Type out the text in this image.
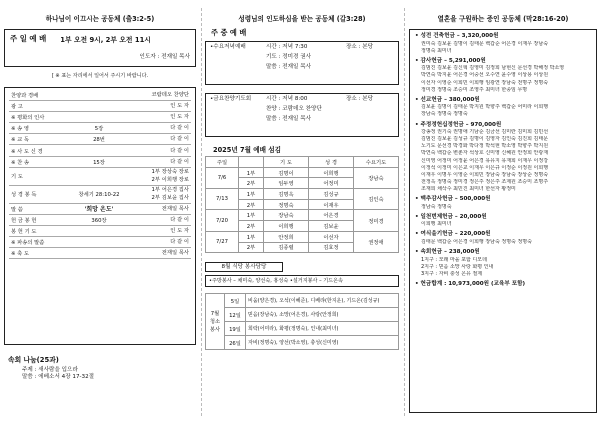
하나님이 이끄시는 공동체 (출3:2-5)
주 일 예 배 1부 오전 9시, 2부 오전 11시
인도자 : 전재일 목사
[ ※ 표는 자리에서 일어서 주시기 바랍니다.
찬양과 경배		코람데오 찬양단

광 고		인 도 자

※ 평화의 인사		인 도 자

※ 송 영	5장	다 같 이

※ 교 독	28번	다 같 이

※ 사 도 신 경		다 같 이

※ 찬 송	15장	다 같 이

기 도		1부 장상숙 장로
2부 이희행 장로

성 경 봉 독	창세기 28:10-22	1부 어은경 집사
2부 김보윤 집사

말 씀	'희망 온도'	전재일 목사

헌 금 봉 헌	360장	다 같 이

봉 헌 기 도		인 도 자

※ 파송의 말씀		다 같 이

※ 축 도		전재일 목사
속회 나눔(25과)
주제 : 새사람을 입으라
말씀 : 에베소서 4장 17-32절
성령님의 인도하심을 받는 공동체 (갈3:28)
주 중 예 배
•수요저녁예배	시간 : 저녁 7:30	장소 : 본당
기도 : 정미경 권사
말씀 : 전재일 목사
•금요찬양기도회	시간 : 저녁 8:00	장소 : 본당
찬양 : 코람데오 찬양단
말씀 : 전재일 목사
2025년 7월 예배 섬김
주일		기 도	성 경	수요기도
7/6	1부	김명이	이희행	장남숙
	2부	임두영	어정미	
7/13	1부	김명옥	김성규	김인숙
	2부	정명숙	이재우	
7/20	1부	장남숙	어은경	정미경
	2부	이희행	김보윤	
7/27	1부	안정희	이선자	권정애
	2부	김종렬	김효정	
8월 식당 봉사담당
•주방봉사 – 채미숙, 양선숙, 홍성숙 •설거지봉사 – 기드온속
7월
청소
봉사	5일	비움(양은경), 오석(이혜준), 디베랴(한지운), 기드온(김성규)
	12일	믿음(장남숙), 소망(어은경), 사랑(안정희)
	19일	희락(어미라), 화평(정명숙), 인내(최미녀)
	26일	자비(정명숙), 양선(박소영), 충성(신미영)
열혼을 구원하는 증인 공동체 (막28:16-20)
• 성전 건축헌금 – 3,320,000원
권미숙 김보윤 김명이 김태문 백갑순 어은경 이재우 장남숙
정명숙 최미녀
• 감사헌금 – 5,291,000원
김범진 김보윤 김신혁 김영미 김정희 남현신 문선경 박해정 박소영
박연숙 박지윤 어은경 어중선 오수연 윤수영 이상용 이상원
이선자 이영순 이희민 이희행 임광연 장남숙 전명구 정명숙
정미경 정명숙 조승미 조영주 최미녀 한종임 무명
• 선교헌금 – 380,000원
김보윤 김명이 김태문 박지원 박향주 백갑순 어미라 이희행
장남숙 정명숙 정명숙
• 주정정헌십정헌금 – 970,000원
강송정 권기숙 권명애 기남순 김금선 김미란 김미희 김민선
김범진 김보윤 김성규 김명이 김영자 김인숙 김진희 김태문
노기도 문선경 박경화 박다정 박석현 박소영 박향주 박지원
박연숙 백갑순 변춘자 석상호 신미영 신혜원 안정희 안광재
신미영 어정미 어정윤 어은경 유유지 유재희 이재우 이정강
이정석 이정미 이은교 이재우 이은규 이정순 이정원 이희행
이재우 이명우 이영순 이희민 장남숙 장남숙 장상순 정명숙
전정옥 정명숙 정미경 정은주 정은주 조제원 조승미 조명주
조재희 채삭수 최민진 최미녀 한선자 황정미
• 맥추감사헌금 – 500,000원
정남숙 정명숙
• 일천번제헌금 – 20,000원
이희행 최미녀
• 여식을기헌금 – 220,000원
김태문 백갑순 어은경 이희행 장남숙 정명숙 정명숙
• 속회헌금 – 238,000원
1지구 : 모래 마을 포함 디모데
2지구 : 믿음 소망 사랑 화평 인내
3지구 : 자비 충성 온유 절제
• 헌금합계 : 10,973,000원 (교육부 포함)
